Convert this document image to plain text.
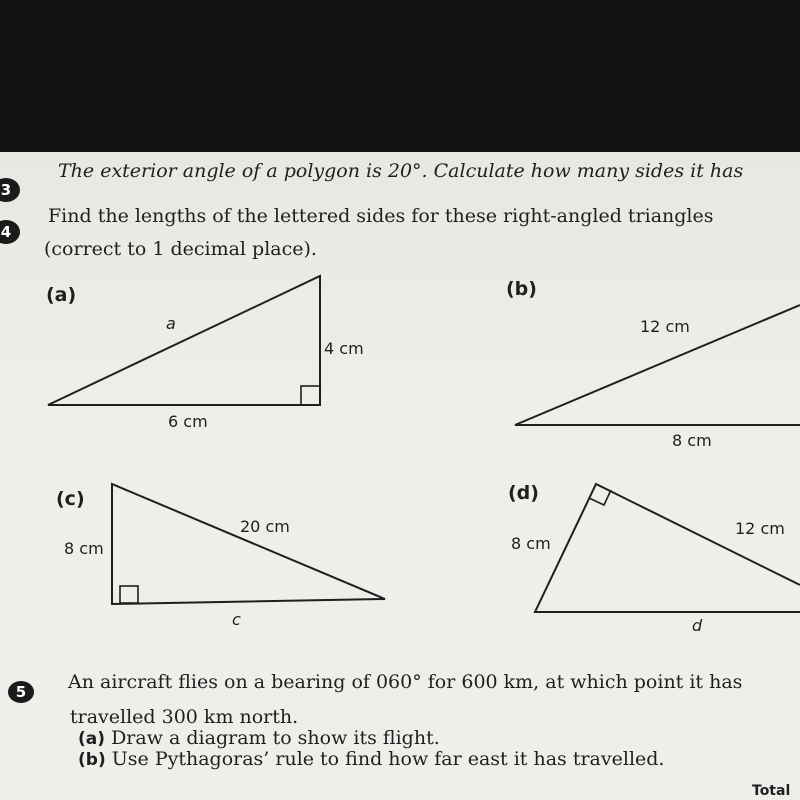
3
The exterior angle of a polygon is 20°. Calculate how many sides it has
4
Find the lengths of the lettered sides for these right-angled triangles
(correct to 1 decimal place).
(a)
a
4 cm
6 cm
(b)
12 cm
8 cm
(c)
8 cm
20 cm
c
(d)
8 cm
12 cm
d
5	An aircraft flies on a bearing of 060° for 600 km, at which point it has
travelled 300 km north.
(a) Draw a diagram to show its flight.
(b) Use Pythagoras’ rule to find how far east it has travelled.
Total
